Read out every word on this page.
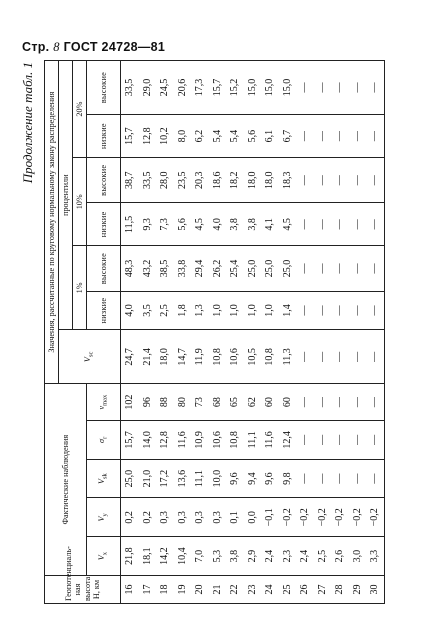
Стр. 8 ГОСТ 24728—81
Продолжение табл. 1
Геопотенциаль-ная высота H, км	Фактические наблюдения					Значения, рассчитанные по круговому нормальному закону распределения						
						$V_{sc}$	процентили					
							1%		10%		20%	
	$V_x$	$V_y$	$V_{sk}$	$\sigma_r$	$v_{max}$		низкие	высокие	низкие	высокие	низкие	высокие
16	21,8	0,2	25,0	15,7	102	24,7	4,0	48,3	11,5	38,7	15,7	33,5
17	18,1	0,2	21,0	14,0	96	21,4	3,5	43,2	9,3	33,5	12,8	29,0
18	14,2	0,3	17,2	12,8	88	18,0	2,5	38,5	7,3	28,0	10,2	24,5
19	10,4	0,3	13,6	11,6	80	14,7	1,8	33,8	5,6	23,5	8,0	20,6
20	7,0	0,3	11,1	10,9	73	11,9	1,3	29,4	4,5	20,3	6,2	17,3
21	5,3	0,3	10,0	10,6	68	10,8	1,0	26,2	4,0	18,6	5,4	15,7
22	3,8	0,1	9,6	10,8	65	10,6	1,0	25,4	3,8	18,2	5,4	15,2
23	2,9	0,0	9,4	11,1	62	10,5	1,0	25,0	3,8	18,0	5,6	15,0
24	2,4	−0,1	9,6	11,6	60	10,8	1,0	25,0	4,1	18,0	6,1	15,0
25	2,3	−0,2	9,8	12,4	60	11,3	1,4	25,0	4,5	18,3	6,7	15,0
26	2,4	−0,2	—	—	—	—	—	—	—	—	—	—
27	2,5	−0,2	—	—	—	—	—	—	—	—	—	—
28	2,6	−0,2	—	—	—	—	—	—	—	—	—	—
29	3,0	−0,2	—	—	—	—	—	—	—	—	—	—
30	3,3	−0,2	—	—	—	—	—	—	—	—	—	—
